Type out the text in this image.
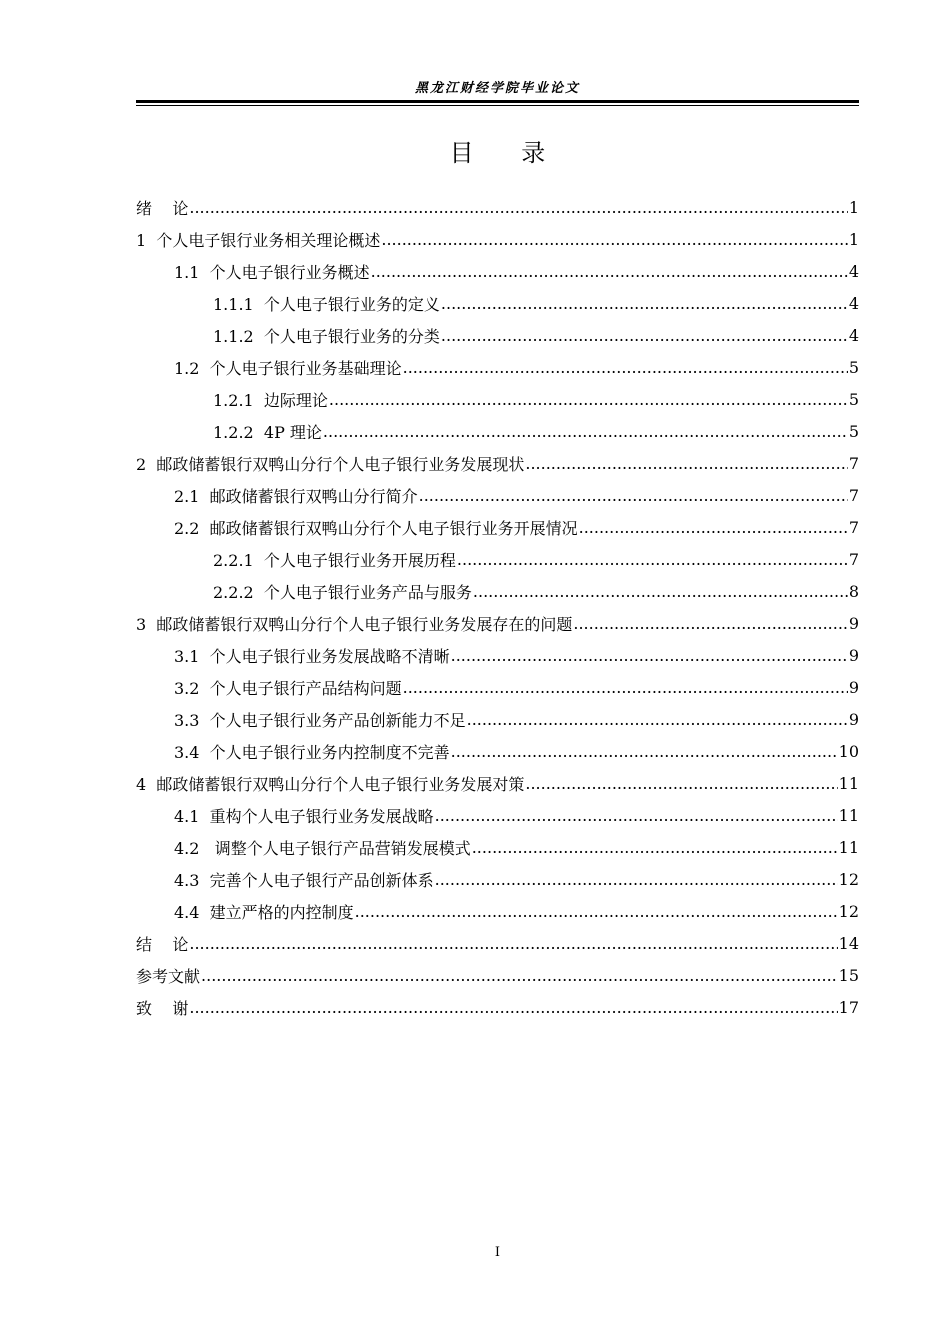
黑龙江财经学院毕业论文
目 录
绪    论 .....	1
1  个人电子银行业务相关理论概述 .....	1
1.1  个人电子银行业务概述 .....	4
1.1.1  个人电子银行业务的定义 .....	4
1.1.2  个人电子银行业务的分类 .....	4
1.2  个人电子银行业务基础理论 .....	5
1.2.1  边际理论 .....	5
1.2.2  4P 理论 .....	5
2  邮政储蓄银行双鸭山分行个人电子银行业务发展现状 .....	7
2.1  邮政储蓄银行双鸭山分行简介 .....	7
2.2  邮政储蓄银行双鸭山分行个人电子银行业务开展情况 .....	7
2.2.1  个人电子银行业务开展历程 .....	7
2.2.2  个人电子银行业务产品与服务 .....	8
3  邮政储蓄银行双鸭山分行个人电子银行业务发展存在的问题 .....	9
3.1  个人电子银行业务发展战略不清晰 .....	9
3.2  个人电子银行产品结构问题 .....	9
3.3  个人电子银行业务产品创新能力不足 .....	9
3.4  个人电子银行业务内控制度不完善 .....	10
4  邮政储蓄银行双鸭山分行个人电子银行业务发展对策 .....	11
4.1  重构个人电子银行业务发展战略 .....	11
4.2   调整个人电子银行产品营销发展模式 .....	11
4.3  完善个人电子银行产品创新体系 .....	12
4.4  建立严格的内控制度 .....	12
结    论 .....	14
参考文献 .....	15
致    谢 .....	17
I
